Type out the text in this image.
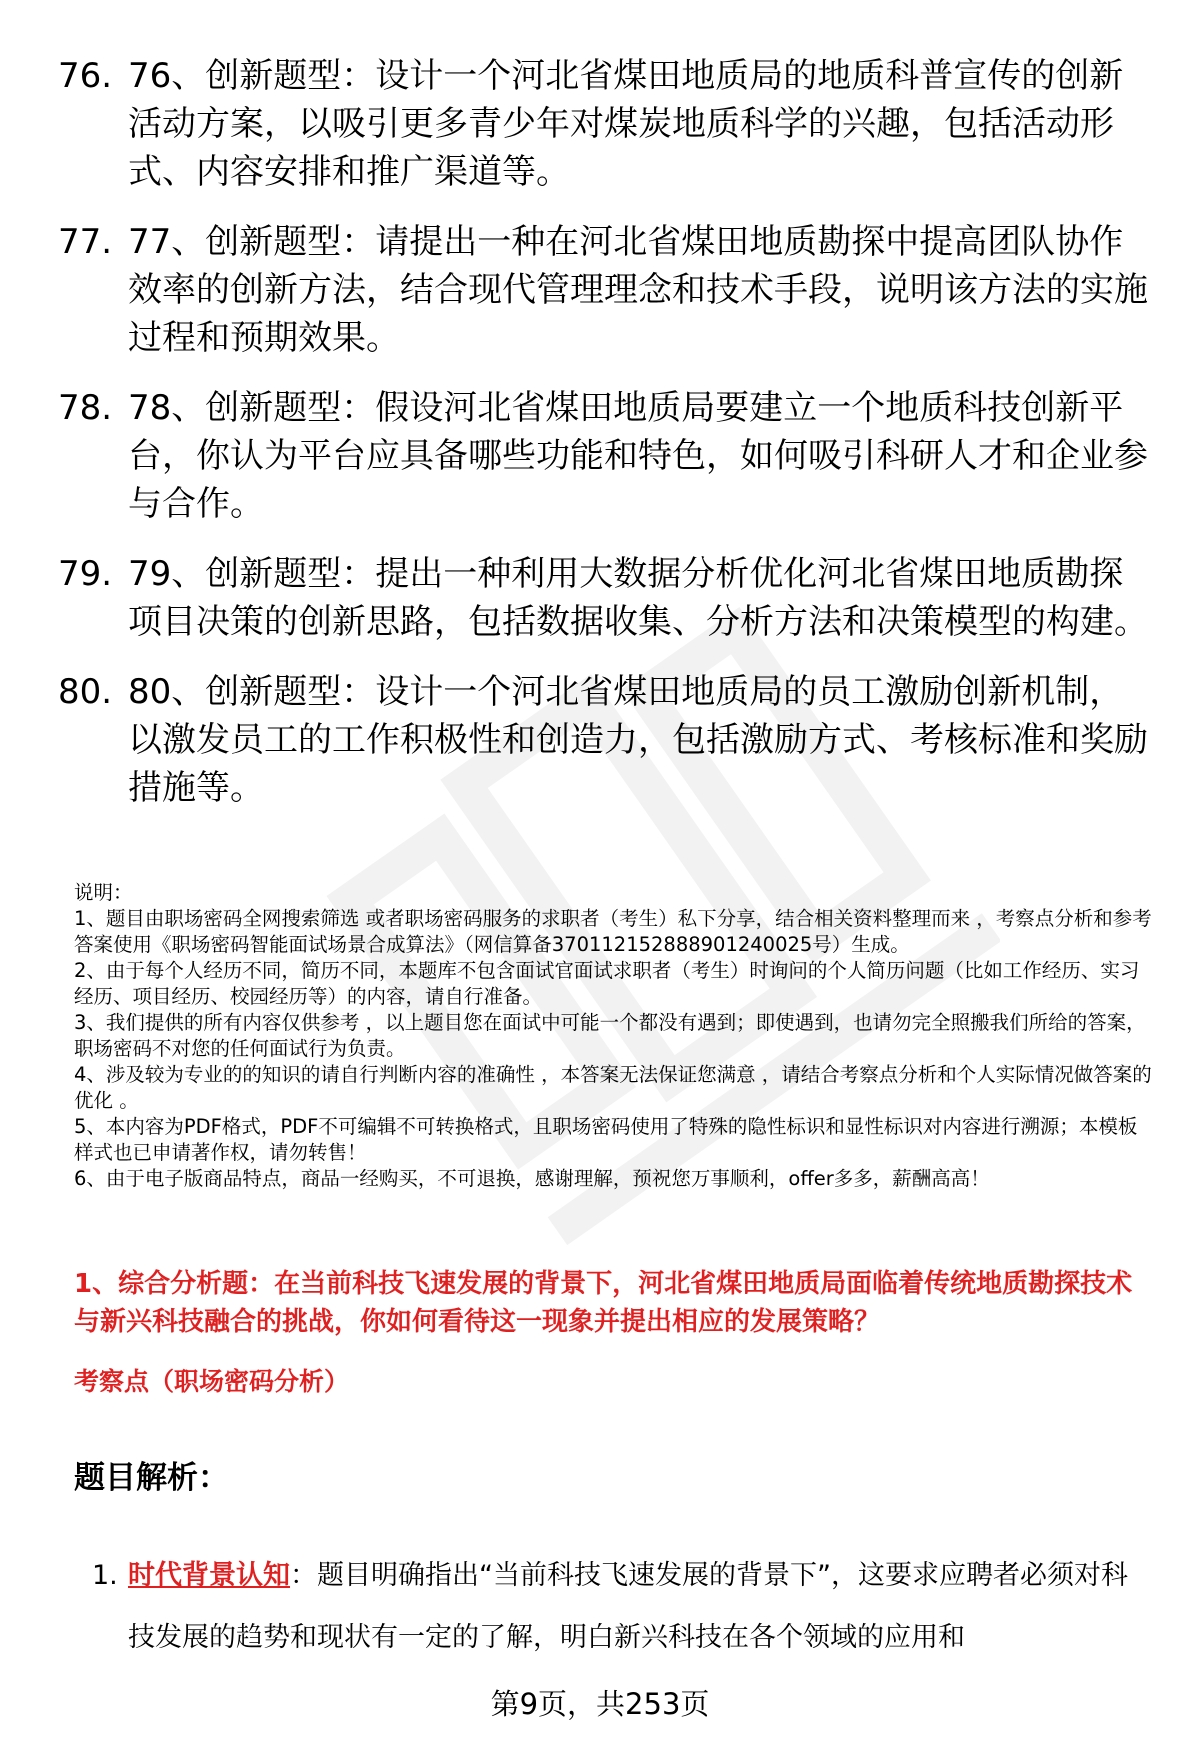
76. 76、创新题型：设计一个河北省煤田地质局的地质科普宣传的创新活动方案，以吸引更多青少年对煤炭地质科学的兴趣，包括活动形式、内容安排和推广渠道等。
77. 77、创新题型：请提出一种在河北省煤田地质勘探中提高团队协作效率的创新方法，结合现代管理理念和技术手段，说明该方法的实施过程和预期效果。
78. 78、创新题型：假设河北省煤田地质局要建立一个地质科技创新平台，你认为平台应具备哪些功能和特色，如何吸引科研人才和企业参与合作。
79. 79、创新题型：提出一种利用大数据分析优化河北省煤田地质勘探项目决策的创新思路，包括数据收集、分析方法和决策模型的构建。
80. 80、创新题型：设计一个河北省煤田地质局的员工激励创新机制，以激发员工的工作积极性和创造力，包括激励方式、考核标准和奖励措施等。

说明：

1、题目由职场密码全网搜索筛选 或者职场密码服务的求职者（考生）私下分享，结合相关资料整理而来 ，考察点分析和参考答案使用《职场密码智能面试场景合成算法》（网信算备370112152888901240025号）生成。

2、由于每个人经历不同，简历不同，本题库不包含面试官面试求职者（考生）时询问的个人简历问题（比如工作经历、实习经历、项目经历、校园经历等）的内容，请自行准备。

3、我们提供的所有内容仅供参考 ，以上题目您在面试中可能一个都没有遇到；即使遇到，也请勿完全照搬我们所给的答案，职场密码不对您的任何面试行为负责。

4、涉及较为专业的的知识的请自行判断内容的准确性 ，本答案无法保证您满意 ，请结合考察点分析和个人实际情况做答案的优化 。

5、本内容为PDF格式，PDF不可编辑不可转换格式，且职场密码使用了特殊的隐性标识和显性标识对内容进行溯源；本模板样式也已申请著作权，请勿转售！

6、由于电子版商品特点，商品一经购买，不可退换，感谢理解，预祝您万事顺利，offer多多，薪酬高高！

1、综合分析题：在当前科技飞速发展的背景下，河北省煤田地质局面临着传统地质勘探技术与新兴科技融合的挑战，你如何看待这一现象并提出相应的发展策略？
考察点（职场密码分析）
题目解析：
1. 时代背景认知：题目明确指出“当前科技飞速发展的背景下”，这要求应聘者必须对科技发展的趋势和现状有一定的了解，明白新兴科技在各个领域的应用和
第9页，共253页
